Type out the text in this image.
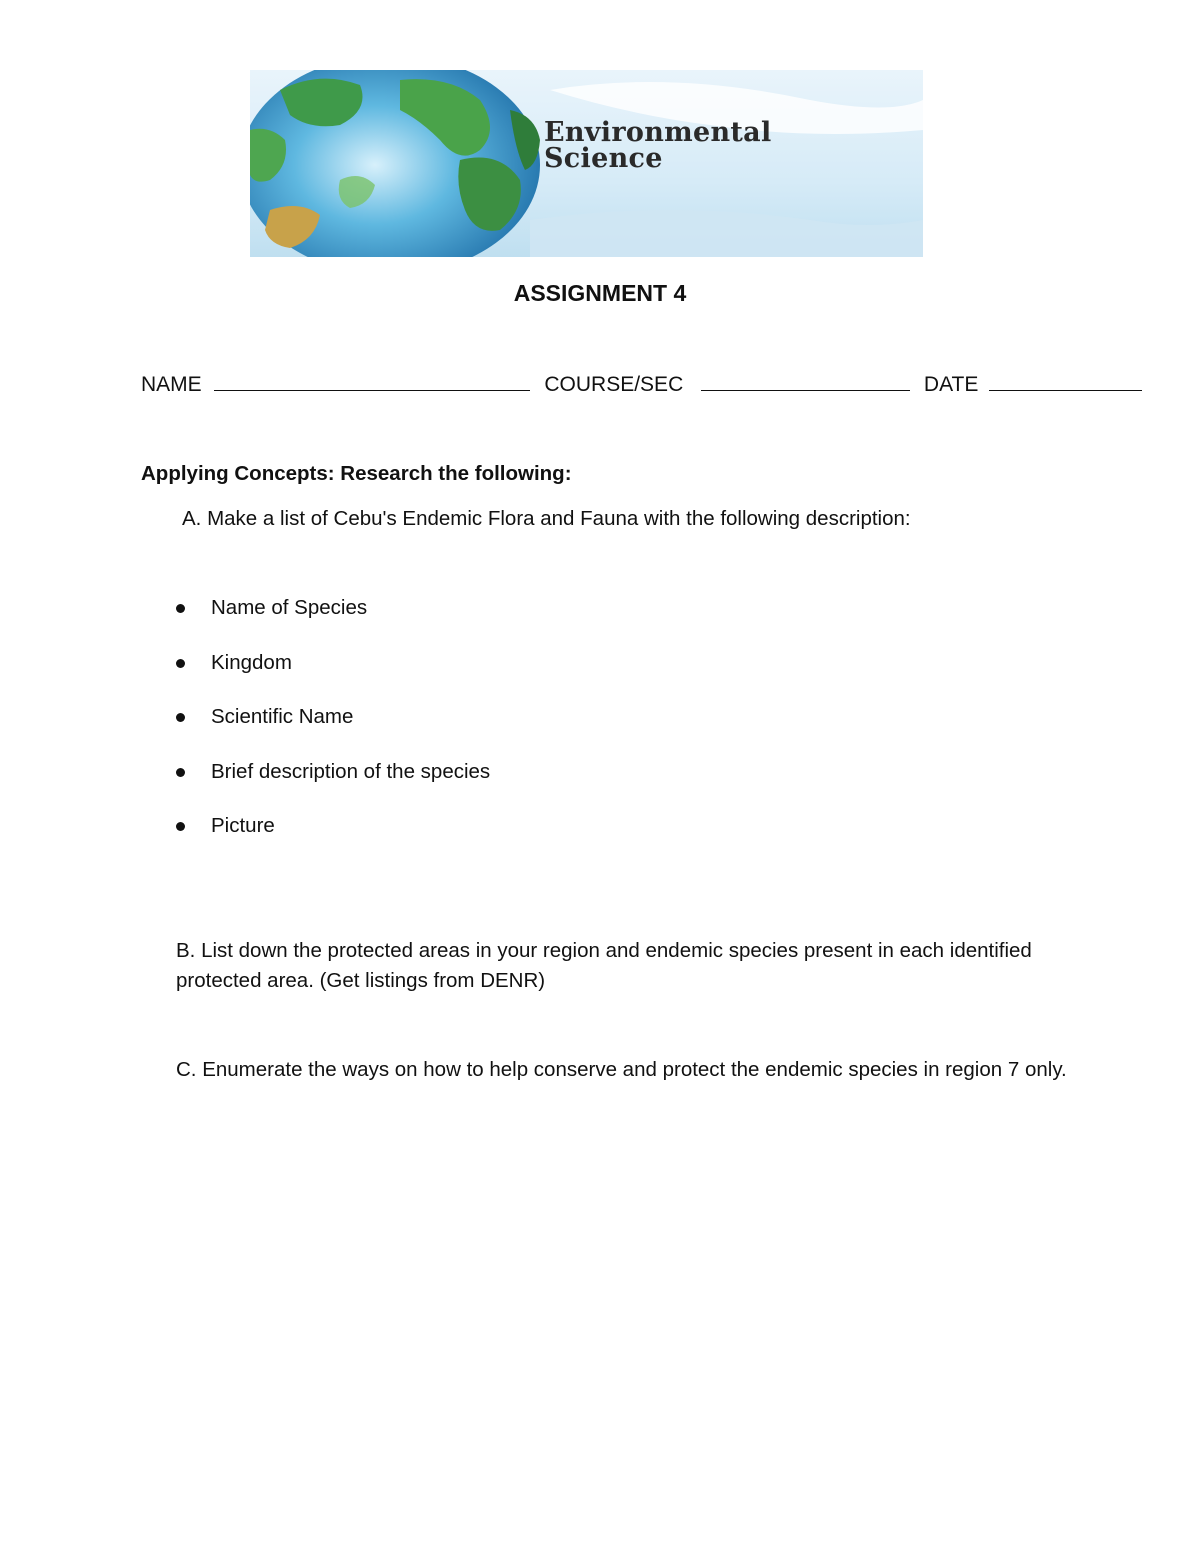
Environmental
Science
ASSIGNMENT 4
NAME	COURSE/SEC	DATE

Applying Concepts: Research the following:

A. Make a list of Cebu's Endemic Flora and Fauna with the following description:

Name of Species
Kingdom
Scientific Name
Brief description of the species
Picture

B. List down the protected areas in your region and endemic species present in each identified protected area. (Get listings from DENR)

C. Enumerate the ways on how to help conserve and protect the endemic species in region 7 only.
